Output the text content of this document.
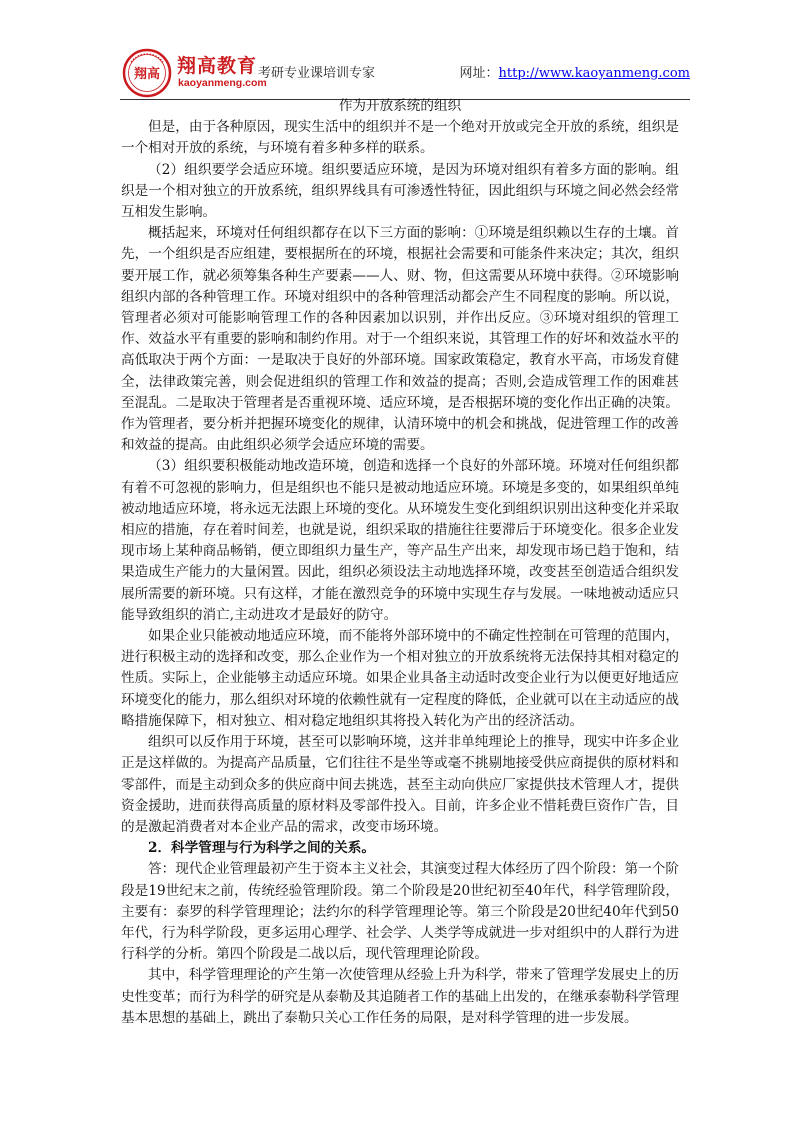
翔高 翔高教育
kaoyanmeng.com
考研专业课培训专家	网址：http://www.kaoyanmeng.com
作为开放系统的组织

但是，由于各种原因，现实生活中的组织并不是一个绝对开放或完全开放的系统，组织是一个相对开放的系统，与环境有着多种多样的联系。

（2）组织要学会适应环境。组织要适应环境，是因为环境对组织有着多方面的影响。组织是一个相对独立的开放系统，组织界线具有可渗透性特征，因此组织与环境之间必然会经常互相发生影响。

概括起来，环境对任何组织都存在以下三方面的影响：①环境是组织赖以生存的土壤。首先，一个组织是否应组建，要根据所在的环境，根据社会需要和可能条件来决定；其次，组织要开展工作，就必须筹集各种生产要素——人、财、物，但这需要从环境中获得。②环境影响组织内部的各种管理工作。环境对组织中的各种管理活动都会产生不同程度的影响。所以说，管理者必须对可能影响管理工作的各种因素加以识别，并作出反应。③环境对组织的管理工作、效益水平有重要的影响和制约作用。对于一个组织来说，其管理工作的好坏和效益水平的高低取决于两个方面：一是取决于良好的外部环境。国家政策稳定，教育水平高，市场发育健全，法律政策完善，则会促进组织的管理工作和效益的提高；否则,会造成管理工作的困难甚至混乱。二是取决于管理者是否重视环境、适应环境，是否根据环境的变化作出正确的决策。作为管理者，要分析并把握环境变化的规律，认清环境中的机会和挑战，促进管理工作的改善和效益的提高。由此组织必须学会适应环境的需要。

（3）组织要积极能动地改造环境，创造和选择一个良好的外部环境。环境对任何组织都有着不可忽视的影响力，但是组织也不能只是被动地适应环境。环境是多变的，如果组织单纯被动地适应环境，将永远无法跟上环境的变化。从环境发生变化到组织识别出这种变化并采取相应的措施，存在着时间差，也就是说，组织采取的措施往往要滞后于环境变化。很多企业发现市场上某种商品畅销，便立即组织力量生产，等产品生产出来，却发现市场已趋于饱和，结果造成生产能力的大量闲置。因此，组织必须设法主动地选择环境，改变甚至创造适合组织发展所需要的新环境。只有这样，才能在激烈竞争的环境中实现生存与发展。一味地被动适应只能导致组织的消亡,主动进攻才是最好的防守。

如果企业只能被动地适应环境，而不能将外部环境中的不确定性控制在可管理的范围内，进行积极主动的选择和改变，那么企业作为一个相对独立的开放系统将无法保持其相对稳定的性质。实际上，企业能够主动适应环境。如果企业具备主动适时改变企业行为以便更好地适应环境变化的能力，那么组织对环境的依赖性就有一定程度的降低，企业就可以在主动适应的战略措施保障下，相对独立、相对稳定地组织其将投入转化为产出的经济活动。

组织可以反作用于环境，甚至可以影响环境，这并非单纯理论上的推导，现实中许多企业正是这样做的。为提高产品质量，它们往往不是坐等或毫不挑剔地接受供应商提供的原材料和零部件，而是主动到众多的供应商中间去挑选，甚至主动向供应厂家提供技术管理人才，提供资金援助，进而获得高质量的原材料及零部件投入。目前，许多企业不惜耗费巨资作广告，目的是激起消费者对本企业产品的需求，改变市场环境。

2．科学管理与行为科学之间的关系。

答：现代企业管理最初产生于资本主义社会，其演变过程大体经历了四个阶段：第一个阶段是19世纪末之前，传统经验管理阶段。第二个阶段是20世纪初至40年代，科学管理阶段，主要有：泰罗的科学管理理论；法约尔的科学管理理论等。第三个阶段是20世纪40年代到50年代，行为科学阶段，更多运用心理学、社会学、人类学等成就进一步对组织中的人群行为进行科学的分析。第四个阶段是二战以后，现代管理理论阶段。

其中，科学管理理论的产生第一次使管理从经验上升为科学，带来了管理学发展史上的历史性变革；而行为科学的研究是从泰勒及其追随者工作的基础上出发的，在继承泰勒科学管理基本思想的基础上，跳出了泰勒只关心工作任务的局限，是对科学管理的进一步发展。
